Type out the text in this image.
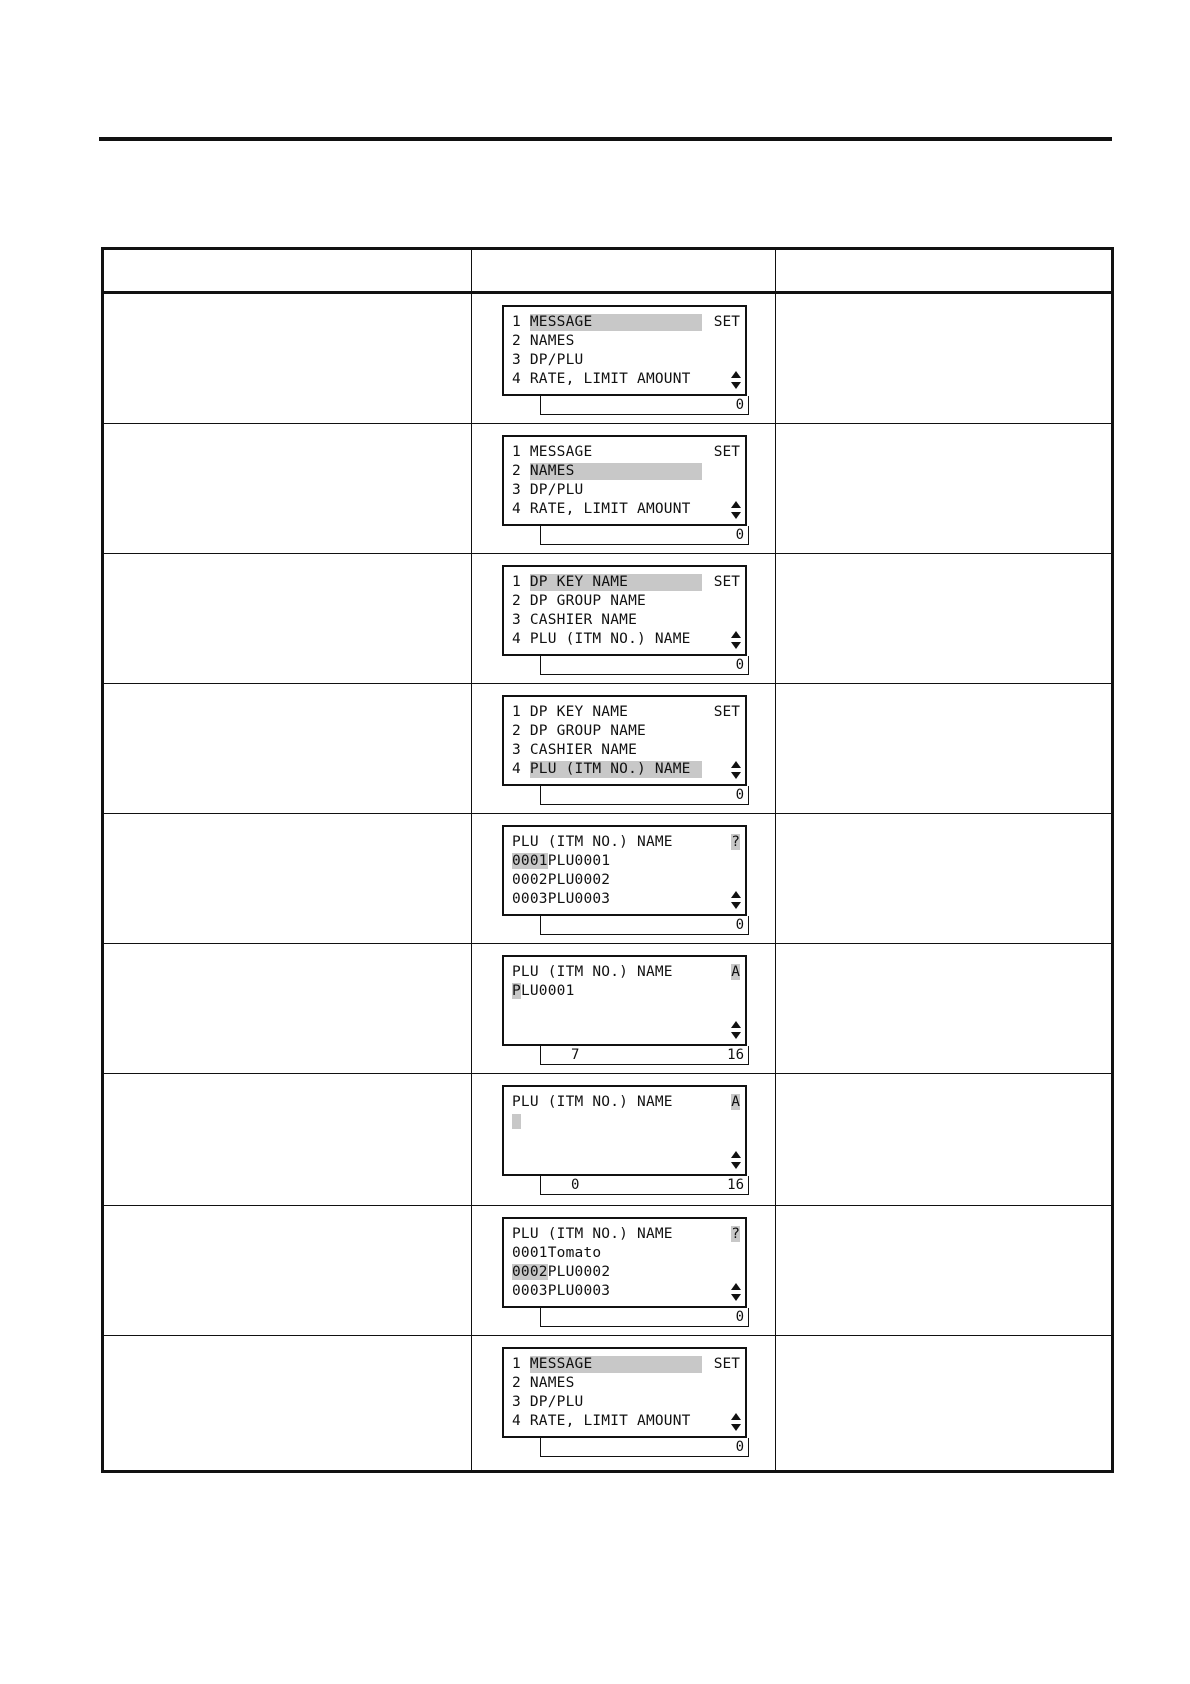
1 MESSAGE
2 NAMES
3 DP/PLU
4 RATE, LIMIT AMOUNT
SET
0
1 MESSAGE
2 NAMES
3 DP/PLU
4 RATE, LIMIT AMOUNT
SET
0
1 DP KEY NAME
2 DP GROUP NAME
3 CASHIER NAME
4 PLU (ITM NO.) NAME
SET
0
1 DP KEY NAME
2 DP GROUP NAME
3 CASHIER NAME
4 PLU (ITM NO.) NAME
SET
0
PLU (ITM NO.) NAME
0001PLU0001
0002PLU0002
0003PLU0003
?
0
PLU (ITM NO.) NAME
PLU0001
A
7	16
PLU (ITM NO.) NAME	A
0	16
PLU (ITM NO.) NAME
0001Tomato
0002PLU0002
0003PLU0003
?
0
1 MESSAGE
2 NAMES
3 DP/PLU
4 RATE, LIMIT AMOUNT
SET
0
